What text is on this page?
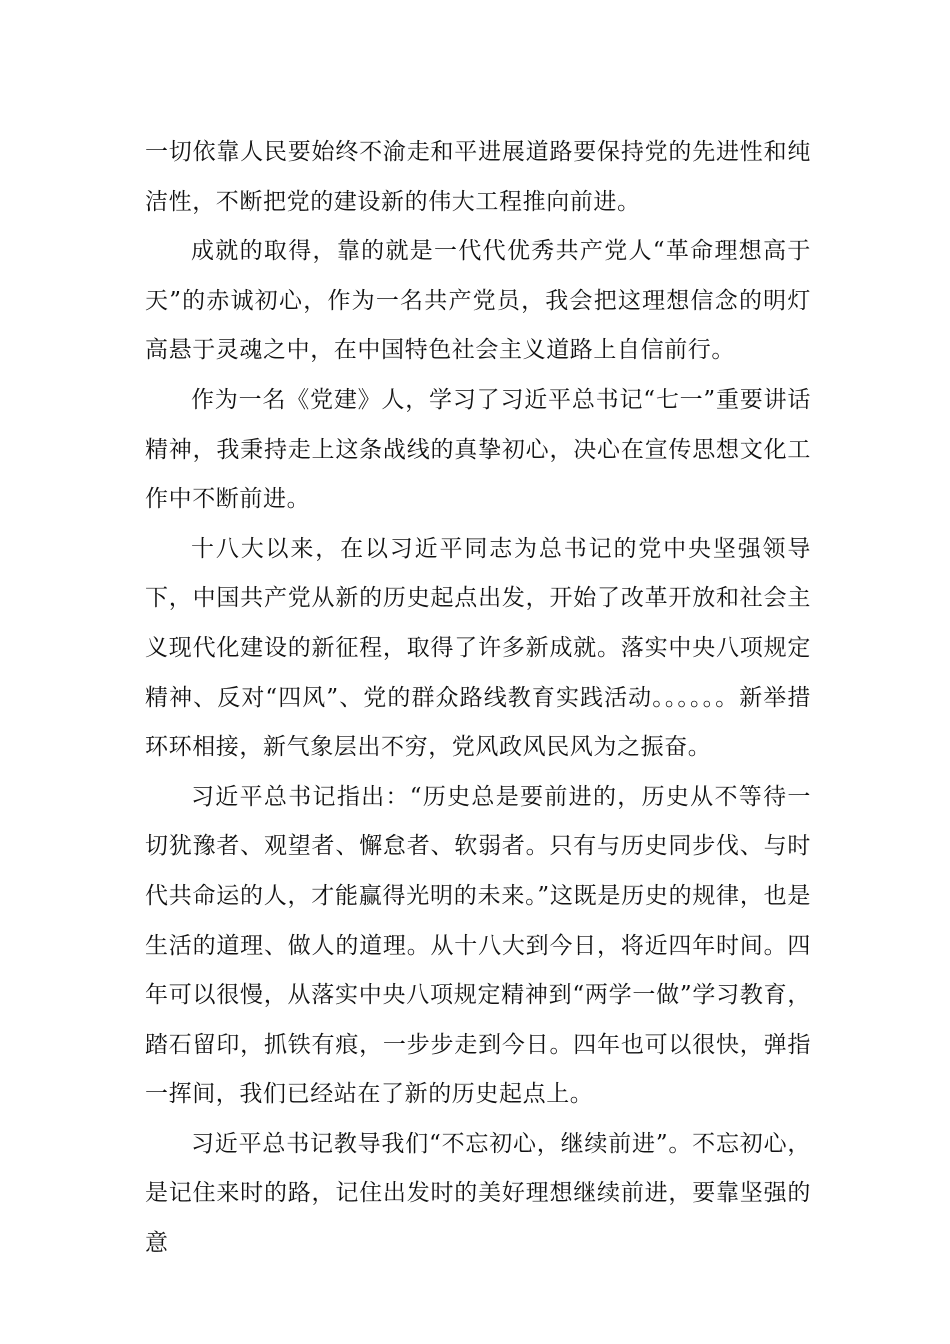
一切依靠人民要始终不渝走和平进展道路要保持党的先进性和纯洁性，不断把党的建设新的伟大工程推向前进。

成就的取得，靠的就是一代代优秀共产党人“革命理想高于天”的赤诚初心，作为一名共产党员，我会把这理想信念的明灯高悬于灵魂之中，在中国特色社会主义道路上自信前行。

作为一名《党建》人，学习了习近平总书记“七一”重要讲话精神，我秉持走上这条战线的真挚初心，决心在宣传思想文化工作中不断前进。

十八大以来，在以习近平同志为总书记的党中央坚强领导下，中国共产党从新的历史起点出发，开始了改革开放和社会主义现代化建设的新征程，取得了许多新成就。落实中央八项规定精神、反对“四风”、党的群众路线教育实践活动。。。。。。新举措环环相接，新气象层出不穷，党风政风民风为之振奋。

习近平总书记指出：“历史总是要前进的，历史从不等待一切犹豫者、观望者、懈怠者、软弱者。只有与历史同步伐、与时代共命运的人，才能赢得光明的未来。”这既是历史的规律，也是生活的道理、做人的道理。从十八大到今日，将近四年时间。四年可以很慢，从落实中央八项规定精神到“两学一做”学习教育，踏石留印，抓铁有痕，一步步走到今日。四年也可以很快，弹指一挥间，我们已经站在了新的历史起点上。

习近平总书记教导我们“不忘初心，继续前进”。不忘初心，是记住来时的路，记住出发时的美好理想继续前进，要靠坚强的意
